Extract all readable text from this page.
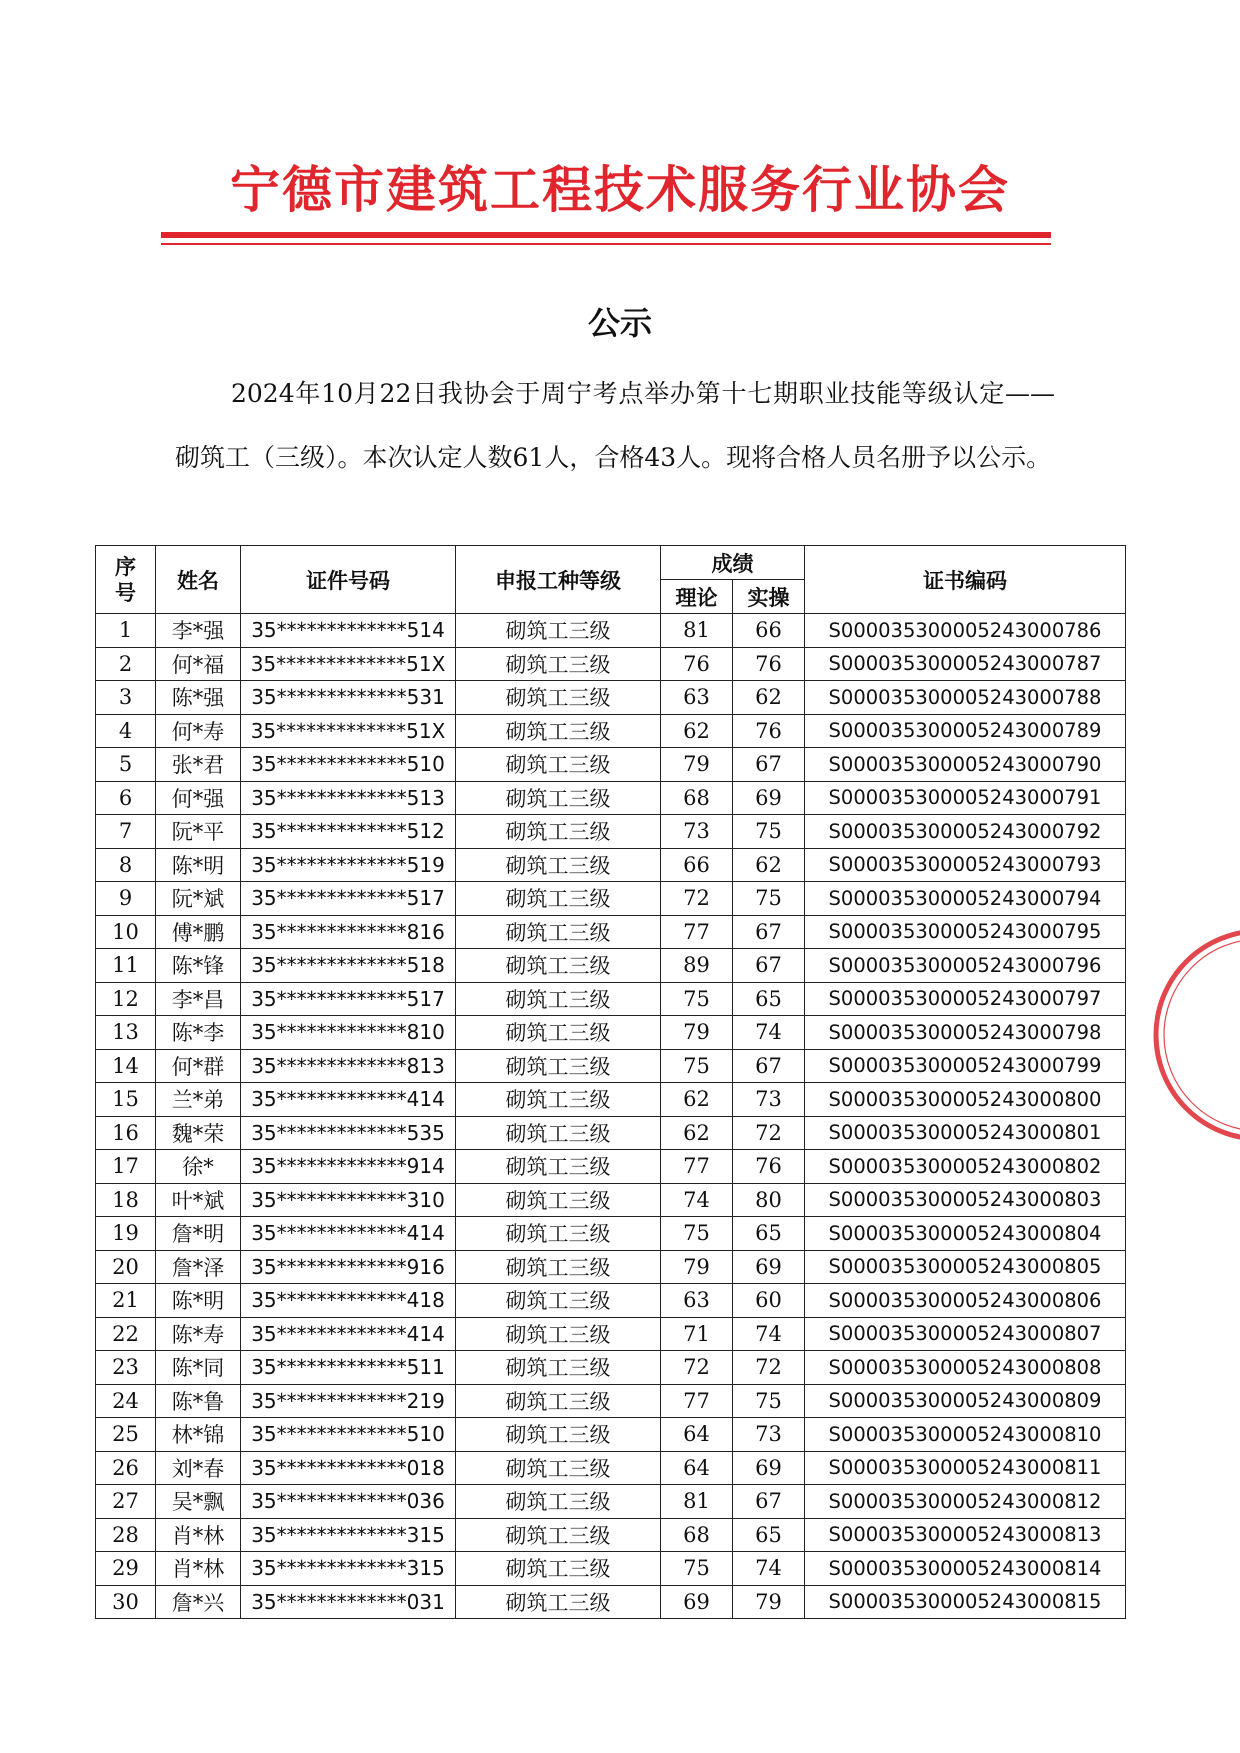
宁德市建筑工程技术服务行业协会
公示

2024年10月22日我协会于周宁考点举办第十七期职业技能等级认定——砌筑工（三级）。本次认定人数61人，合格43人。现将合格人员名册予以公示。

序号	姓名	证件号码	申报工种等级	成绩		证书编码
				理论	实操	
1	李*强	35*************514	砌筑工三级	81	66	S000035300005243000786
2	何*福	35*************51X	砌筑工三级	76	76	S000035300005243000787
3	陈*强	35*************531	砌筑工三级	63	62	S000035300005243000788
4	何*寿	35*************51X	砌筑工三级	62	76	S000035300005243000789
5	张*君	35*************510	砌筑工三级	79	67	S000035300005243000790
6	何*强	35*************513	砌筑工三级	68	69	S000035300005243000791
7	阮*平	35*************512	砌筑工三级	73	75	S000035300005243000792
8	陈*明	35*************519	砌筑工三级	66	62	S000035300005243000793
9	阮*斌	35*************517	砌筑工三级	72	75	S000035300005243000794
10	傅*鹏	35*************816	砌筑工三级	77	67	S000035300005243000795
11	陈*锋	35*************518	砌筑工三级	89	67	S000035300005243000796
12	李*昌	35*************517	砌筑工三级	75	65	S000035300005243000797
13	陈*李	35*************810	砌筑工三级	79	74	S000035300005243000798
14	何*群	35*************813	砌筑工三级	75	67	S000035300005243000799
15	兰*弟	35*************414	砌筑工三级	62	73	S000035300005243000800
16	魏*荣	35*************535	砌筑工三级	62	72	S000035300005243000801
17	徐*	35*************914	砌筑工三级	77	76	S000035300005243000802
18	叶*斌	35*************310	砌筑工三级	74	80	S000035300005243000803
19	詹*明	35*************414	砌筑工三级	75	65	S000035300005243000804
20	詹*泽	35*************916	砌筑工三级	79	69	S000035300005243000805
21	陈*明	35*************418	砌筑工三级	63	60	S000035300005243000806
22	陈*寿	35*************414	砌筑工三级	71	74	S000035300005243000807
23	陈*同	35*************511	砌筑工三级	72	72	S000035300005243000808
24	陈*鲁	35*************219	砌筑工三级	77	75	S000035300005243000809
25	林*锦	35*************510	砌筑工三级	64	73	S000035300005243000810
26	刘*春	35*************018	砌筑工三级	64	69	S000035300005243000811
27	吴*飘	35*************036	砌筑工三级	81	67	S000035300005243000812
28	肖*林	35*************315	砌筑工三级	68	65	S000035300005243000813
29	肖*林	35*************315	砌筑工三级	75	74	S000035300005243000814
30	詹*兴	35*************031	砌筑工三级	69	79	S000035300005243000815
